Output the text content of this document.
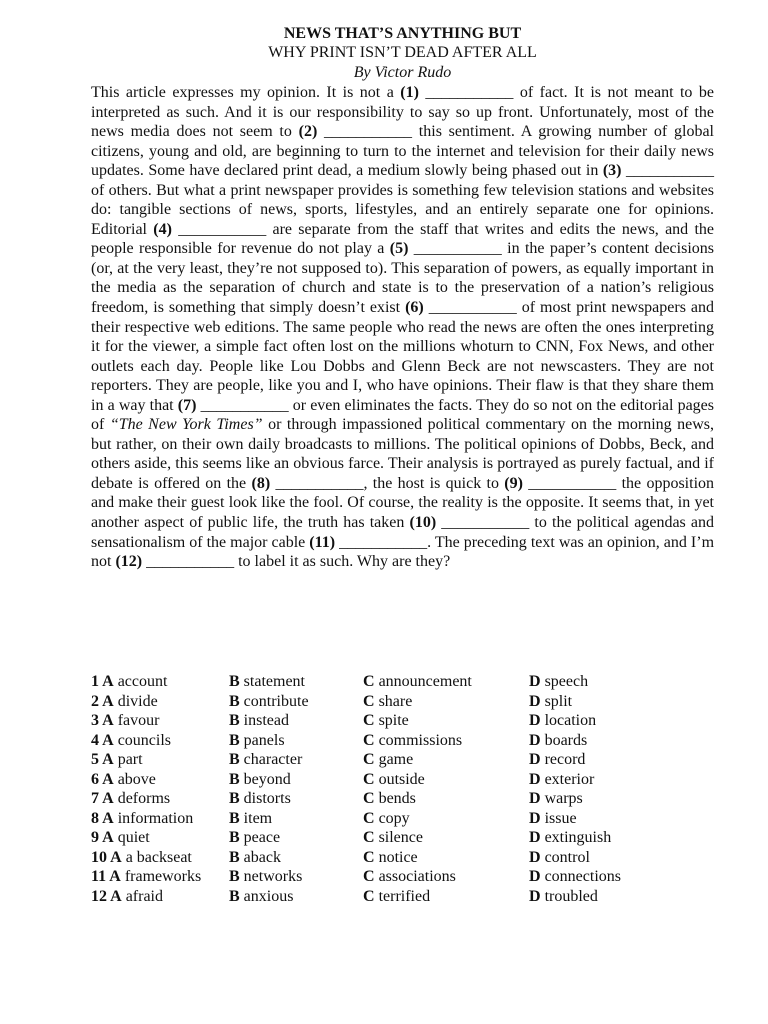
NEWS THAT’S ANYTHING BUT
WHY PRINT ISN’T DEAD AFTER ALL
By Victor Rudo
This article expresses my opinion. It is not a (1) ___________ of fact. It is not meant to be interpreted as such. And it is our responsibility to say so up front. Unfortunately, most of the news media does not seem to (2) ___________ this sentiment. A growing number of global citizens, young and old, are beginning to turn to the internet and television for their daily news updates. Some have declared print dead, a medium slowly being phased out in (3) ___________ of others. But what a print newspaper provides is something few television stations and websites do: tangible sections of news, sports, lifestyles, and an entirely separate one for opinions. Editorial (4) ___________ are separate from the staff that writes and edits the news, and the people responsible for revenue do not play a (5) ___________ in the paper’s content decisions (or, at the very least, they’re not supposed to). This separation of powers, as equally important in the media as the separation of church and state is to the preservation of a nation’s religious freedom, is something that simply doesn’t exist (6) ___________ of most print newspapers and their respective web editions. The same people who read the news are often the ones interpreting it for the viewer, a simple fact often lost on the millions whoturn to CNN, Fox News, and other outlets each day. People like Lou Dobbs and Glenn Beck are not newscasters. They are not reporters. They are people, like you and I, who have opinions. Their flaw is that they share them in a way that (7) ___________ or even eliminates the facts. They do so not on the editorial pages of “The New York Times” or through impassioned political commentary on the morning news, but rather, on their own daily broadcasts to millions. The political opinions of Dobbs, Beck, and others aside, this seems like an obvious farce. Their analysis is portrayed as purely factual, and if debate is offered on the (8) ___________, the host is quick to (9) ___________ the opposition and make their guest look like the fool. Of course, the reality is the opposite. It seems that, in yet another aspect of public life, the truth has taken (10) ___________ to the political agendas and sensationalism of the major cable (11) ___________. The preceding text was an opinion, and I’m not (12) ___________ to label it as such. Why are they?
1 A account	B statement	C announcement	D speech
2 A divide	B contribute	C share	D split
3 A favour	B instead	C spite	D location
4 A councils	B panels	C commissions	D boards
5 A part	B character	C game	D record
6 A above	B beyond	C outside	D exterior
7 A deforms	B distorts	C bends	D warps
8 A information B item	C copy	D issue
9 A quiet	B peace	C silence	D extinguish
10 A a backseat B aback	C notice	D control
11 A frameworks B networks	C associations	D connections
12 A afraid	B anxious	C terrified	D troubled
